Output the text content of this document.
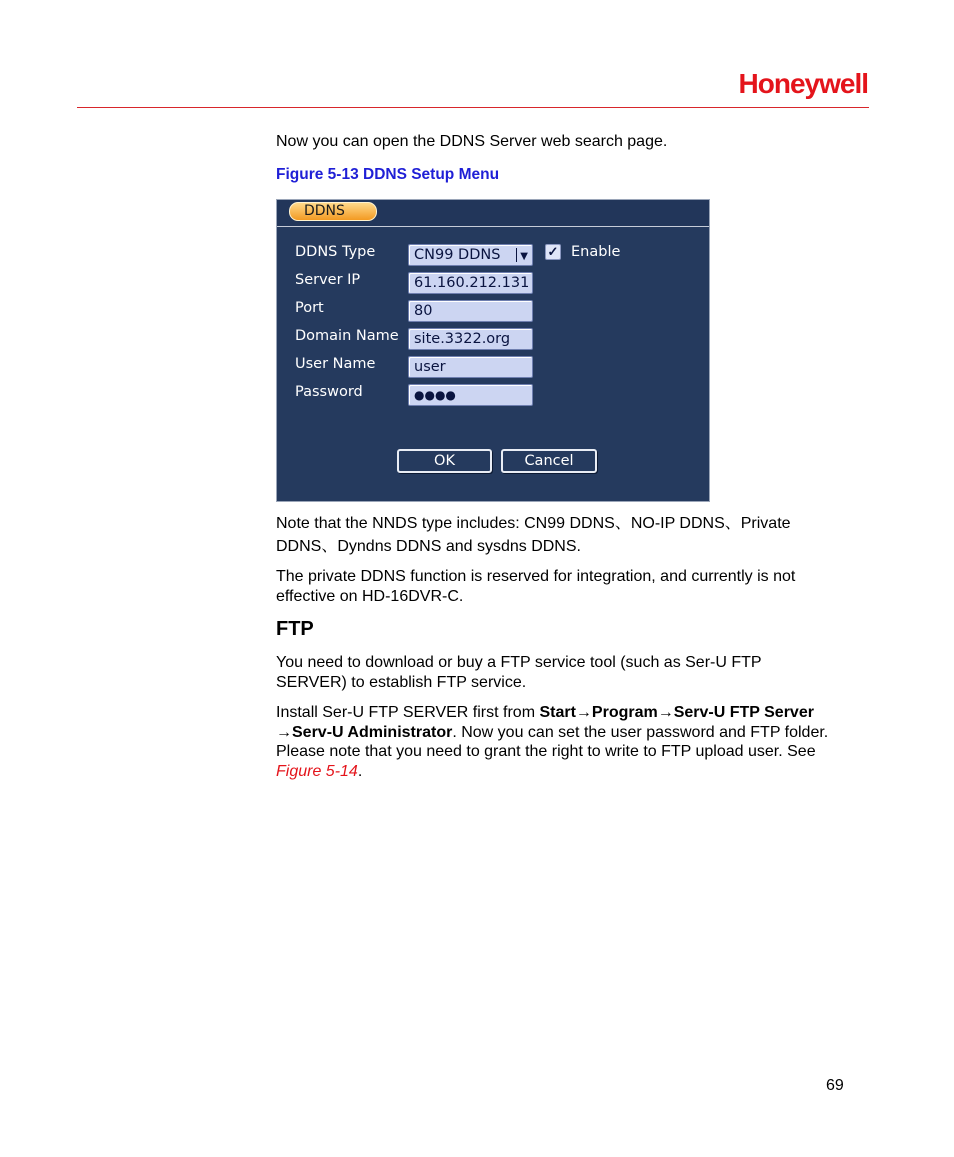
Honeywell
Now you can open the DDNS Server web search page.
Figure 5-13 DDNS Setup Menu
DDNS
DDNS Type	CN99 DDNS ▼ ✓ Enable
Server IP	61.160.212.131
Port	80
Domain Name	site.3322.org
User Name	user
Password	●●●●
OK	Cancel
Note that the NNDS type includes: CN99 DDNS、NO-IP DDNS、Private
DDNS、Dyndns DDNS and sysdns DDNS.
The private DDNS function is reserved for integration, and currently is not effective on HD-16DVR-C.
FTP
You need to download or buy a FTP service tool (such as Ser-U FTP SERVER) to establish FTP service.
Install Ser-U FTP SERVER first from Start→Program→Serv-U FTP Server →Serv-U Administrator. Now you can set the user password and FTP folder. Please note that you need to grant the right to write to FTP upload user. See Figure 5-14.
69
